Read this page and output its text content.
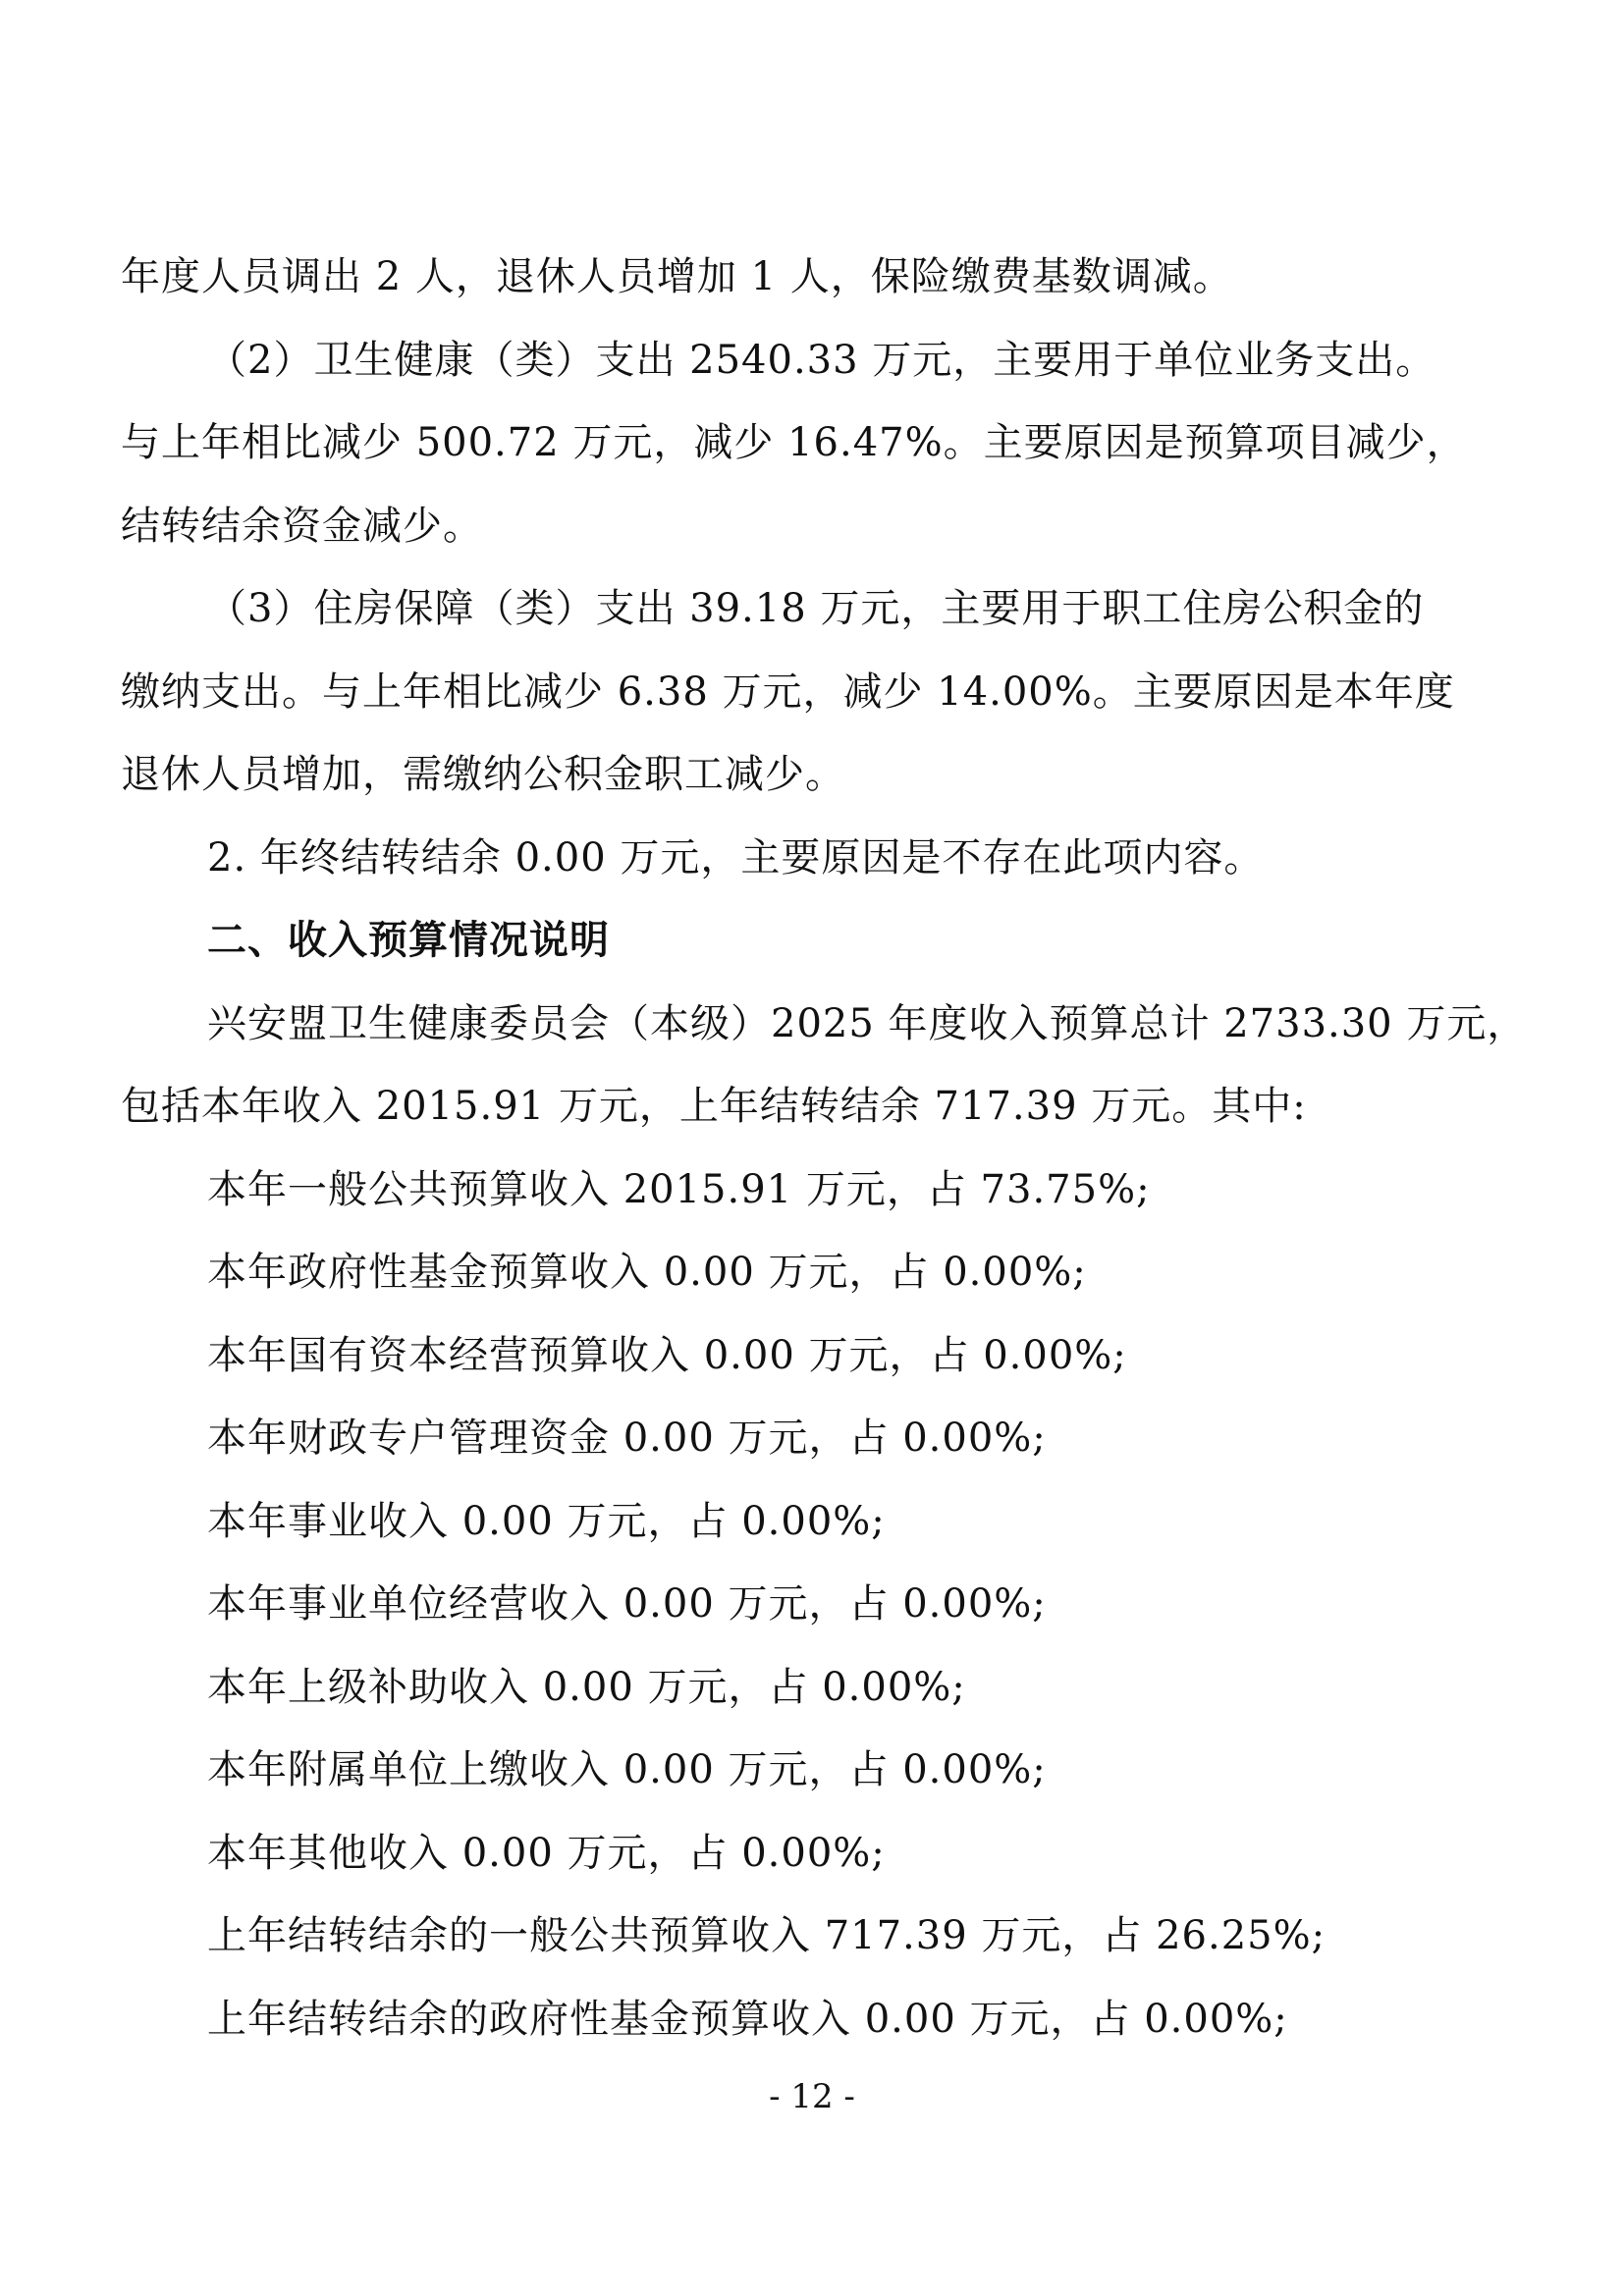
年度人员调出 2 人，退休人员增加 1 人，保险缴费基数调减。
（2）卫生健康（类）支出 2540.33 万元，主要用于单位业务支出。
与上年相比减少 500.72 万元，减少 16.47%。主要原因是预算项目减少，
结转结余资金减少。
（3）住房保障（类）支出 39.18 万元，主要用于职工住房公积金的
缴纳支出。与上年相比减少 6.38 万元，减少 14.00%。主要原因是本年度
退休人员增加，需缴纳公积金职工减少。
2. 年终结转结余 0.00 万元，主要原因是不存在此项内容。
二、收入预算情况说明
兴安盟卫生健康委员会（本级）2025 年度收入预算总计 2733.30 万元，
包括本年收入 2015.91 万元，上年结转结余 717.39 万元。其中:
本年一般公共预算收入 2015.91 万元，占 73.75%;
本年政府性基金预算收入 0.00 万元，占 0.00%;
本年国有资本经营预算收入 0.00 万元，占 0.00%;
本年财政专户管理资金 0.00 万元，占 0.00%;
本年事业收入 0.00 万元，占 0.00%;
本年事业单位经营收入 0.00 万元，占 0.00%;
本年上级补助收入 0.00 万元，占 0.00%;
本年附属单位上缴收入 0.00 万元，占 0.00%;
本年其他收入 0.00 万元，占 0.00%;
上年结转结余的一般公共预算收入 717.39 万元，占 26.25%;
上年结转结余的政府性基金预算收入 0.00 万元，占 0.00%;
- 12 -
